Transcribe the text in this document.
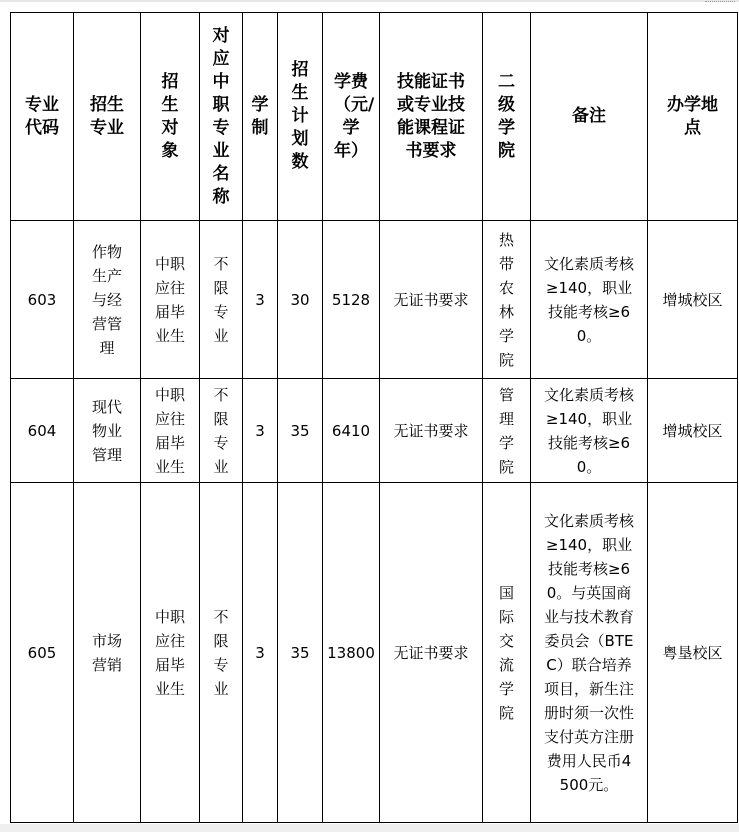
专业代码	招生专业	招生对象	对应中职专业名称	学制	招生计划数	学费（元/学年）	技能证书或专业技能课程证书要求	二级学院	备注	办学地点

603	作物生产与经营管理	中职应往届毕业生	不限专业	3	30	5128	无证书要求	热带农林学院	文化素质考核≥140，职业技能考核≥60。	增城校区

604	现代物业管理	中职应往届毕业生	不限专业	3	35	6410	无证书要求	管理学院	文化素质考核≥140，职业技能考核≥60。	增城校区

605	市场营销	中职应往届毕业生	不限专业	3	35	13800	无证书要求	国际交流学院	文化素质考核≥140，职业技能考核≥60。与英国商业与技术教育委员会（BTEC）联合培养项目，新生注册时须一次性支付英方注册费用人民币4500元。	粤垦校区
